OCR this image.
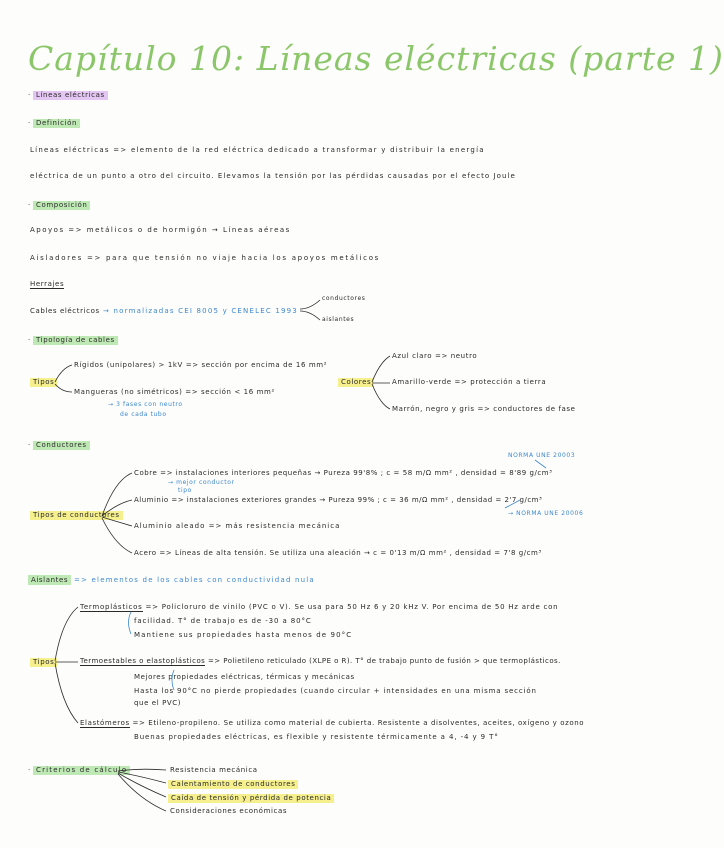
Capítulo 10: Líneas eléctricas (parte 1)
· Líneas eléctricas
· Definición
Líneas eléctricas => elemento de la red eléctrica dedicado a transformar y distribuir la energía
eléctrica de un punto a otro del circuito. Elevamos la tensión por las pérdidas causadas por el efecto Joule
· Composición
Apoyos => metálicos o de hormigón → Líneas aéreas
Aisladores => para que tensión no viaje hacia los apoyos metálicos
Herrajes
Cables eléctricos → normalizadas CEI 8005 y CENELEC 1993
conductores
aislantes
· Tipología de cables
Tipos
Rígidos (unipolares) > 1kV => sección por encima de 16 mm²
Mangueras (no simétricos) => sección < 16 mm²
→ 3 fases con neutro
de cada tubo
Colores
Azul claro => neutro
Amarillo-verde => protección a tierra
Marrón, negro y gris => conductores de fase
· Conductores
NORMA UNE 20003
Tipos de conductores
Cobre => instalaciones interiores pequeñas → Pureza 99'8% ; c = 58 m/Ω mm² , densidad = 8'89 g/cm³
→ mejor conductor
tipo
Aluminio => instalaciones exteriores grandes → Pureza 99% ; c = 36 m/Ω mm² , densidad = 2'7 g/cm³
→ NORMA UNE 20006
Aluminio aleado => más resistencia mecánica
Acero => Líneas de alta tensión. Se utiliza una aleación → c = 0'13 m/Ω mm² , densidad = 7'8 g/cm³
Aislantes => elementos de los cables con conductividad nula
Tipos
Termoplásticos => Policloruro de vinilo (PVC o V). Se usa para 50 Hz 6 y 20 kHz V. Por encima de 50 Hz arde con
facilidad. T° de trabajo es de -30 a 80°C
Mantiene sus propiedades hasta menos de 90°C
Termoestables o elastoplásticos => Polietileno reticulado (XLPE o R). T° de trabajo punto de fusión > que termoplásticos.
Mejores propiedades eléctricas, térmicas y mecánicas
Hasta los 90°C no pierde propiedades (cuando circular + intensidades en una misma sección
que el PVC)
Elastómeros => Etileno-propileno. Se utiliza como material de cubierta. Resistente a disolventes, aceites, oxígeno y ozono
Buenas propiedades eléctricas, es flexible y resistente térmicamente a 4, -4 y 9 T°
· Criterios de cálculo	Resistencia mecánica
Calentamiento de conductores
Caída de tensión y pérdida de potencia
Consideraciones económicas
